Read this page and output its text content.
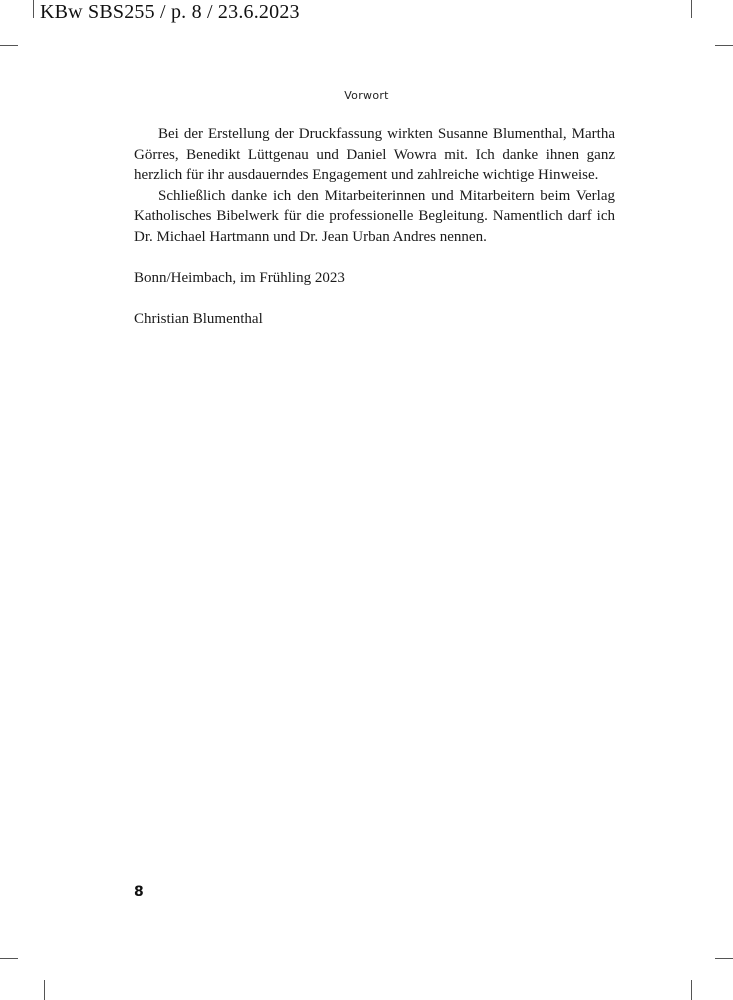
KBw SBS255 / p. 8 / 23.6.2023
Vorwort

Bei der Erstellung der Druckfassung wirkten Susanne Blumenthal, Martha Görres, Benedikt Lüttgenau und Daniel Wowra mit. Ich danke ihnen ganz herzlich für ihr ausdauerndes Engagement und zahlreiche wichtige Hinweise.

Schließlich danke ich den Mitarbeiterinnen und Mitarbeitern beim Verlag Katholisches Bibelwerk für die professionelle Begleitung. Namentlich darf ich Dr. Michael Hartmann und Dr. Jean Urban Andres nennen.

Bonn/Heimbach, im Frühling 2023

Christian Blumenthal

8
